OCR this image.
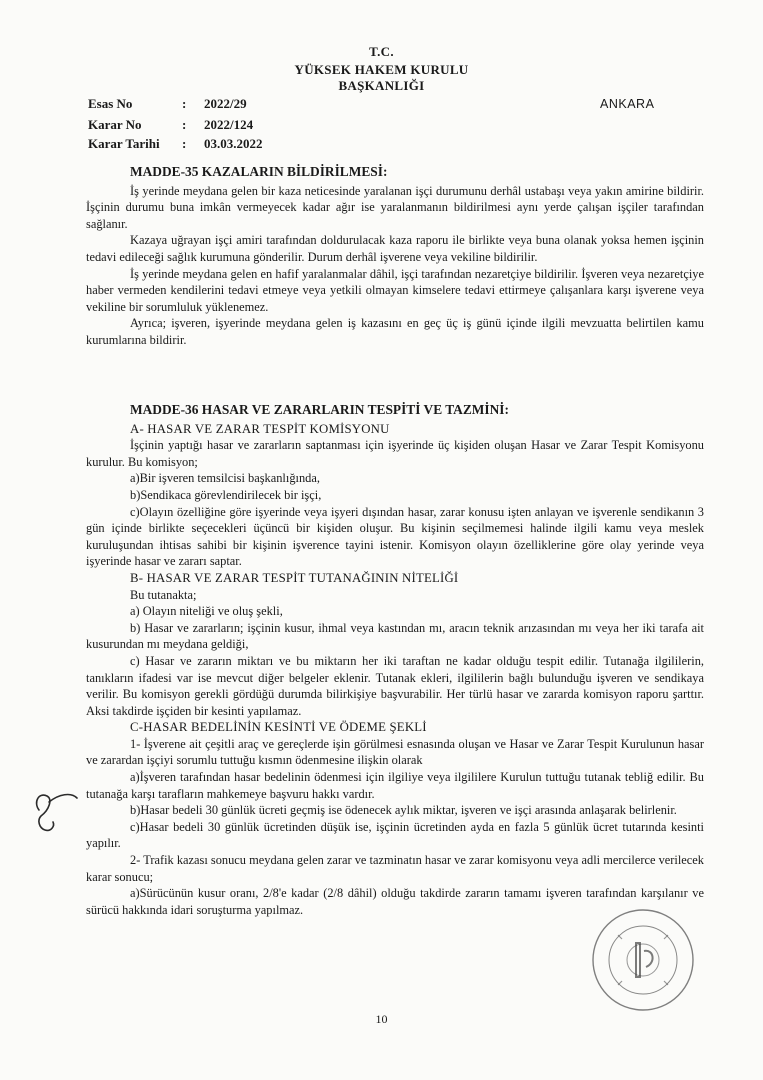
T.C.
YÜKSEK HAKEM KURULU
BAŞKANLIĞI
Esas No	: 2022/29
Karar No	: 2022/124
Karar Tarihi : 03.03.2022
ANKARA

MADDE-35 KAZALARIN BİLDİRİLMESİ:

İş yerinde meydana gelen bir kaza neticesinde yaralanan işçi durumunu derhâl ustabaşı veya yakın amirine bildirir. İşçinin durumu buna imkân vermeyecek kadar ağır ise yaralanmanın bildirilmesi aynı yerde çalışan işçiler tarafından sağlanır.

Kazaya uğrayan işçi amiri tarafından doldurulacak kaza raporu ile birlikte veya buna olanak yoksa hemen işçinin tedavi edileceği sağlık kurumuna gönderilir. Durum derhâl işverene veya vekiline bildirilir.

İş yerinde meydana gelen en hafif yaralanmalar dâhil, işçi tarafından nezaretçiye bildirilir. İşveren veya nezaretçiye haber vermeden kendilerini tedavi etmeye veya yetkili olmayan kimselere tedavi ettirmeye çalışanlara karşı işverene veya vekiline bir sorumluluk yüklenemez.

Ayrıca; işveren, işyerinde meydana gelen iş kazasını en geç üç iş günü içinde ilgili mevzuatta belirtilen kamu kurumlarına bildirir.

MADDE-36 HASAR VE ZARARLARIN TESPİTİ VE TAZMİNİ:

A- HASAR VE ZARAR TESPİT KOMİSYONU

İşçinin yaptığı hasar ve zararların saptanması için işyerinde üç kişiden oluşan Hasar ve Zarar Tespit Komisyonu kurulur. Bu komisyon;

a)Bir işveren temsilcisi başkanlığında,

b)Sendikaca görevlendirilecek bir işçi,

c)Olayın özelliğine göre işyerinde veya işyeri dışından hasar, zarar konusu işten anlayan ve işverenle sendikanın 3 gün içinde birlikte seçecekleri üçüncü bir kişiden oluşur. Bu kişinin seçilmemesi halinde ilgili kamu veya meslek kuruluşundan ihtisas sahibi bir kişinin işverence tayini istenir. Komisyon olayın özelliklerine göre olay yerinde veya işyerinde hasar ve zararı saptar.

B- HASAR VE ZARAR TESPİT TUTANAĞININ NİTELİĞİ

Bu tutanakta;

a) Olayın niteliği ve oluş şekli,

b) Hasar ve zararların; işçinin kusur, ihmal veya kastından mı, aracın teknik arızasından mı veya her iki tarafa ait kusurundan mı meydana geldiği,

c) Hasar ve zararın miktarı ve bu miktarın her iki taraftan ne kadar olduğu tespit edilir. Tutanağa ilgililerin, tanıkların ifadesi var ise mevcut diğer belgeler eklenir. Tutanak ekleri, ilgililerin bağlı bulunduğu işveren ve sendikaya verilir. Bu komisyon gerekli gördüğü durumda bilirkişiye başvurabilir. Her türlü hasar ve zararda komisyon raporu şarttır. Aksi takdirde işçiden bir kesinti yapılamaz.

C-HASAR BEDELİNİN KESİNTİ VE ÖDEME ŞEKLİ

1- İşverene ait çeşitli araç ve gereçlerde işin görülmesi esnasında oluşan ve Hasar ve Zarar Tespit Kurulunun hasar ve zarardan işçiyi sorumlu tuttuğu kısmın ödenmesine ilişkin olarak

a)İşveren tarafından hasar bedelinin ödenmesi için ilgiliye veya ilgililere Kurulun tuttuğu tutanak tebliğ edilir. Bu tutanağa karşı tarafların mahkemeye başvuru hakkı vardır.

b)Hasar bedeli 30 günlük ücreti geçmiş ise ödenecek aylık miktar, işveren ve işçi arasında anlaşarak belirlenir.

c)Hasar bedeli 30 günlük ücretinden düşük ise, işçinin ücretinden ayda en fazla 5 günlük ücret tutarında kesinti yapılır.

2- Trafik kazası sonucu meydana gelen zarar ve tazminatın hasar ve zarar komisyonu veya adli mercilerce verilecek karar sonucu;

a)Sürücünün kusur oranı, 2/8'e kadar (2/8 dâhil) olduğu takdirde zararın tamamı işveren tarafından karşılanır ve sürücü hakkında idari soruşturma yapılmaz.

10
